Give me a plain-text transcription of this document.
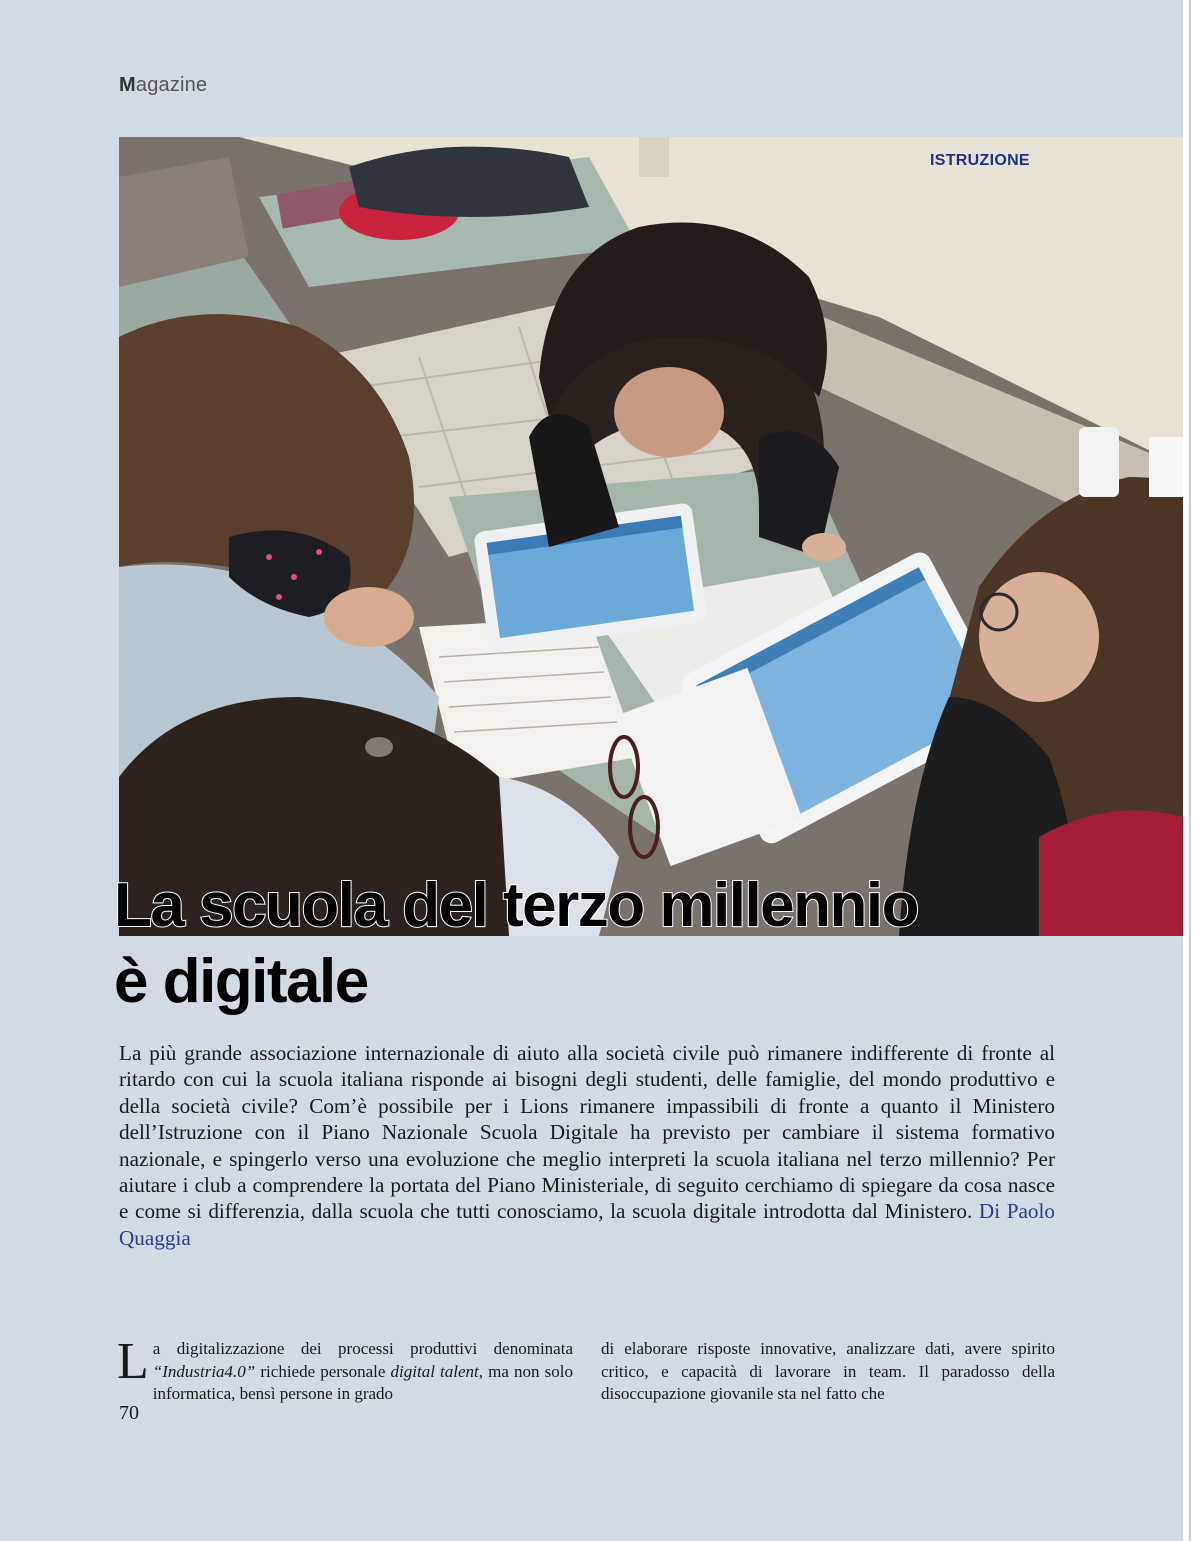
Magazine
ISTRUZIONE
La scuola del terzo millennio
è digitale

La più grande associazione internazionale di aiuto alla società civile può rimanere indifferente di fronte al ritardo con cui la scuola italiana risponde ai bisogni degli studenti, delle famiglie, del mondo produttivo e della società civile? Com’è possibile per i Lions rimanere impassibili di fronte a quanto il Ministero dell’Istruzione con il Piano Nazionale Scuola Digitale ha previsto per cambiare il sistema formativo nazionale, e spingerlo verso una evoluzione che meglio interpreti la scuola italiana nel terzo millennio? Per aiutare i club a comprendere la portata del Piano Ministeriale, di seguito cerchiamo di spiegare da cosa nasce e come si differenzia, dalla scuola che tutti conosciamo, la scuola digitale introdotta dal Ministero. Di Paolo Quaggia

La digitalizzazione dei processi produttivi denominata “Industria4.0” richiede personale digital talent, ma non solo informatica, bensì persone in grado

di elaborare risposte innovative, analizzare dati, avere spirito critico, e capacità di lavorare in team. Il paradosso della disoccupazione giovanile sta nel fatto che

70
